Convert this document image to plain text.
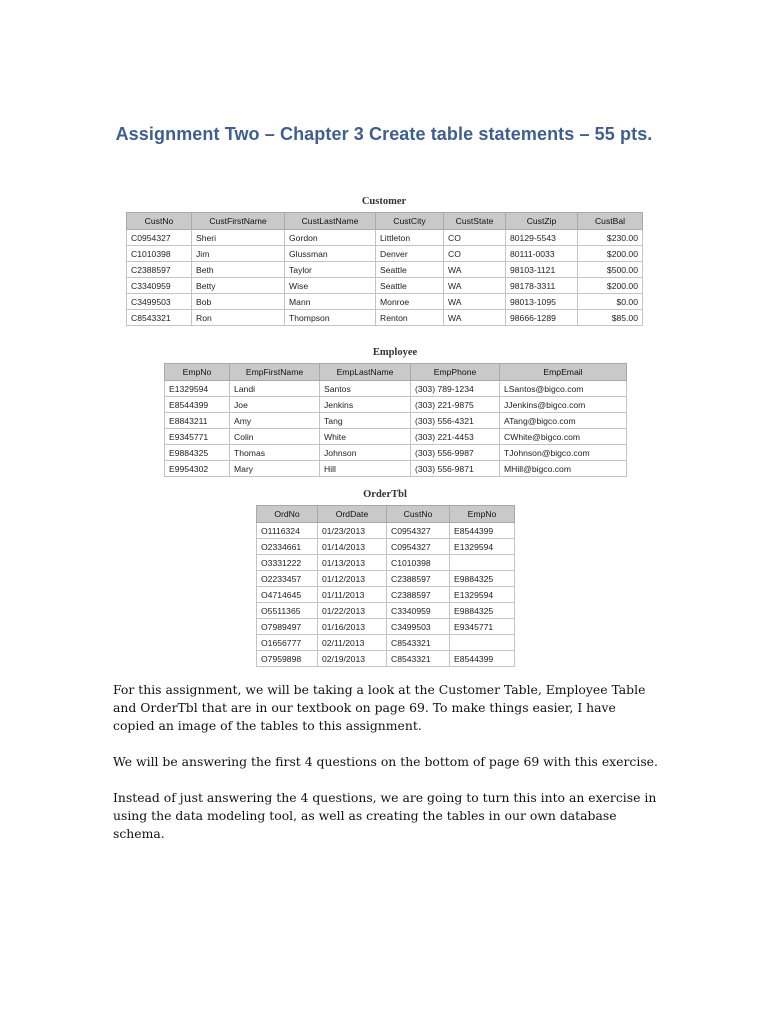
Assignment Two – Chapter 3 Create table statements – 55 pts.
Customer
CustNo	CustFirstName	CustLastName	CustCity	CustState	CustZip	CustBal
C0954327	Sheri	Gordon	Littleton	CO	80129-5543	$230.00
C1010398	Jim	Glussman	Denver	CO	80111-0033	$200.00
C2388597	Beth	Taylor	Seattle	WA	98103-1121	$500.00
C3340959	Betty	Wise	Seattle	WA	98178-3311	$200.00
C3499503	Bob	Mann	Monroe	WA	98013-1095	$0.00
C8543321	Ron	Thompson	Renton	WA	98666-1289	$85.00
Employee
EmpNo	EmpFirstName	EmpLastName	EmpPhone	EmpEmail
E1329594	Landi	Santos	(303) 789-1234	LSantos@bigco.com
E8544399	Joe	Jenkins	(303) 221-9875	JJenkins@bigco.com
E8843211	Amy	Tang	(303) 556-4321	ATang@bigco.com
E9345771	Colin	White	(303) 221-4453	CWhite@bigco.com
E9884325	Thomas	Johnson	(303) 556-9987	TJohnson@bigco.com
E9954302	Mary	Hill	(303) 556-9871	MHill@bigco.com
OrderTbl
OrdNo	OrdDate	CustNo	EmpNo
O1116324	01/23/2013	C0954327	E8544399
O2334661	01/14/2013	C0954327	E1329594
O3331222	01/13/2013	C1010398	
O2233457	01/12/2013	C2388597	E9884325
O4714645	01/11/2013	C2388597	E1329594
O5511365	01/22/2013	C3340959	E9884325
O7989497	01/16/2013	C3499503	E9345771
O1656777	02/11/2013	C8543321	
O7959898	02/19/2013	C8543321	E8544399

For this assignment, we will be taking a look at the Customer Table, Employee Table and OrderTbl that are in our textbook on page 69. To make things easier, I have copied an image of the tables to this assignment.

We will be answering the first 4 questions on the bottom of page 69 with this exercise.

Instead of just answering the 4 questions, we are going to turn this into an exercise in using the data modeling tool, as well as creating the tables in our own database schema.
